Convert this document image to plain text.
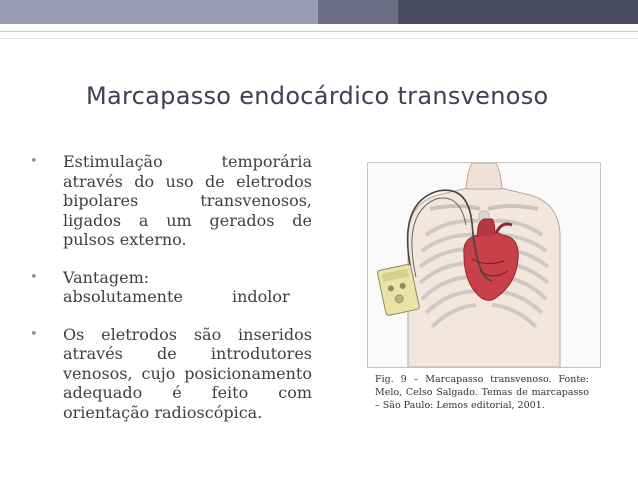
Marcapasso endocárdico transvenoso
• Estimulação temporária através do uso de eletrodos bipolares transvenosos, ligados a um gerados de pulsos externo.
• Vantagem: absolutamente indolor
• Os eletrodos são inseridos através de introdutores venosos, cujo posicionamento adequado é feito com orientação radioscópica.
Fig. 9 – Marcapasso transvenoso. Fonte: Melo, Celso Salgado. Temas de marcapasso – São Paulo: Lemos editorial, 2001.
